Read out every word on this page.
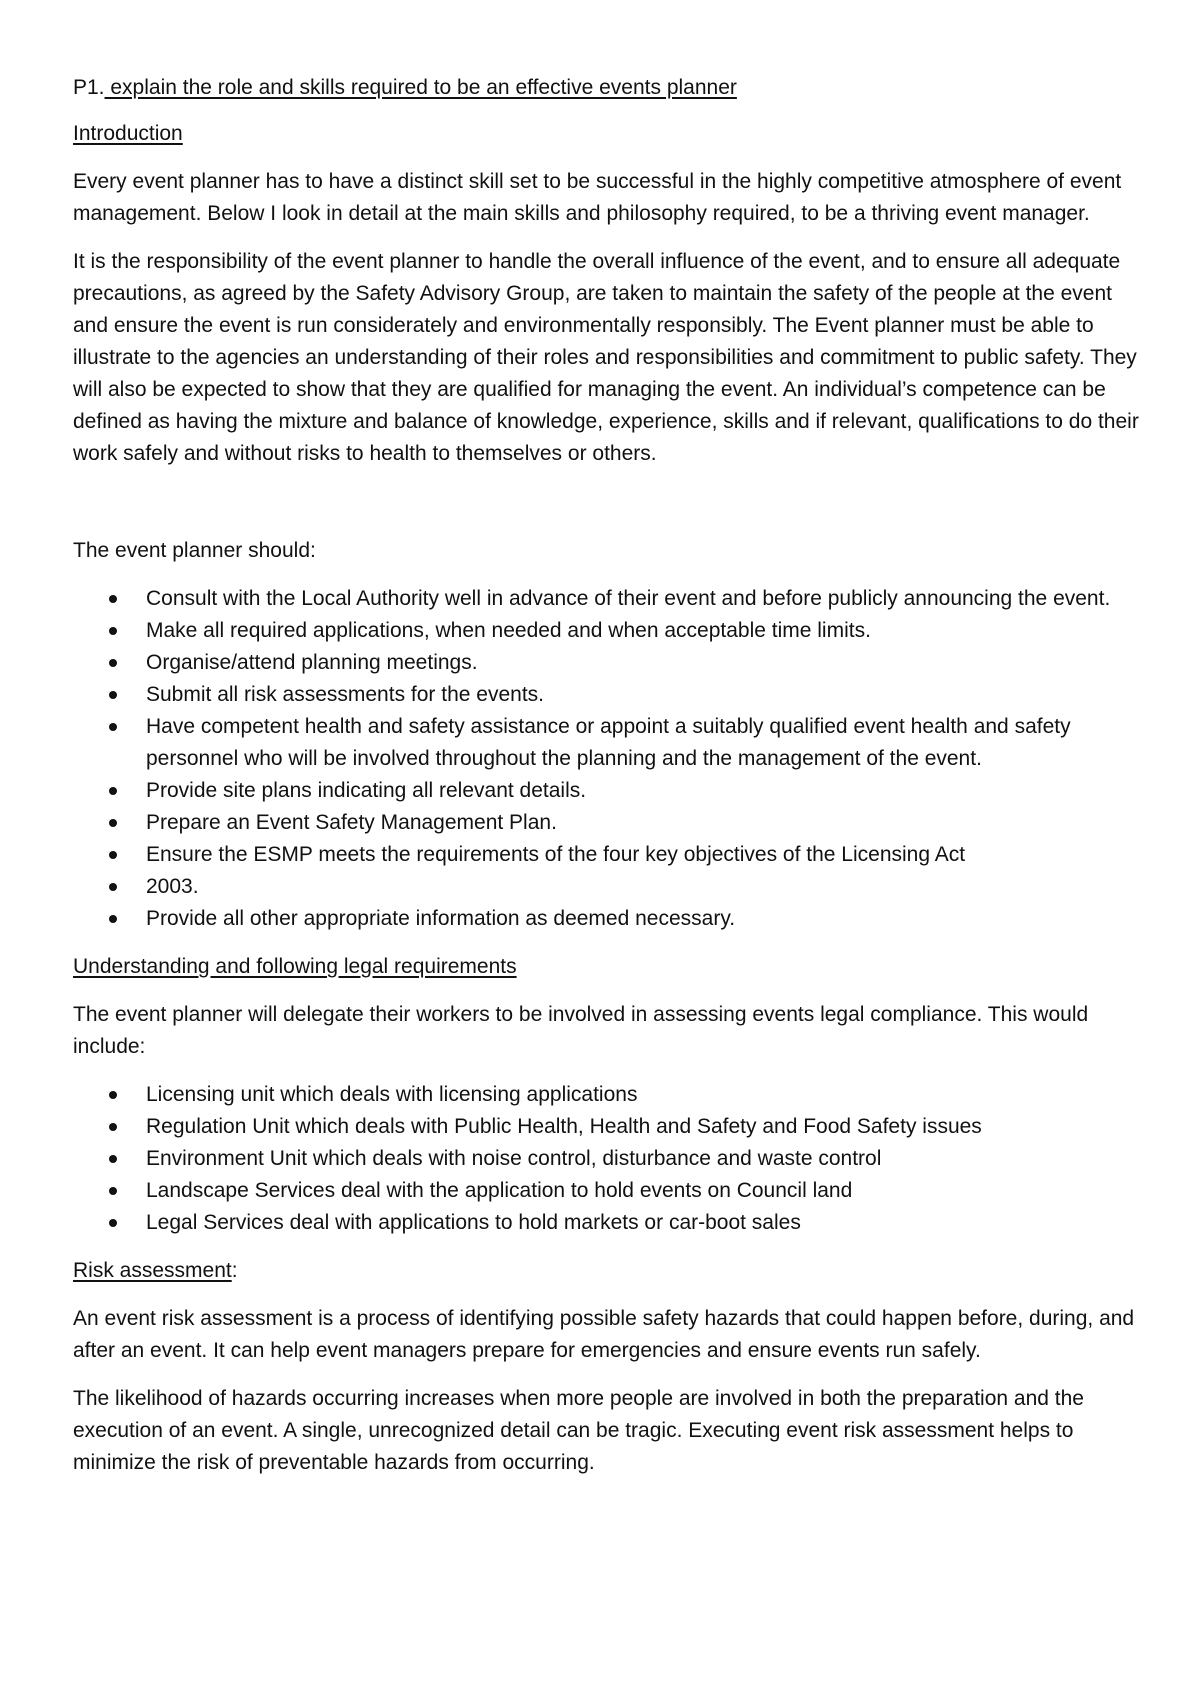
P1. explain the role and skills required to be an effective events planner

Introduction

Every event planner has to have a distinct skill set to be successful in the highly competitive atmosphere of event management. Below I look in detail at the main skills and philosophy required, to be a thriving event manager.

It is the responsibility of the event planner to handle the overall influence of the event, and to ensure all adequate precautions, as agreed by the Safety Advisory Group, are taken to maintain the safety of the people at the event and ensure the event is run considerately and environmentally responsibly. The Event planner must be able to illustrate to the agencies an understanding of their roles and responsibilities and commitment to public safety. They will also be expected to show that they are qualified for managing the event. An individual’s competence can be defined as having the mixture and balance of knowledge, experience, skills and if relevant, qualifications to do their work safely and without risks to health to themselves or others.

The event planner should:

Consult with the Local Authority well in advance of their event and before publicly announcing the event.
Make all required applications, when needed and when acceptable time limits.
Organise/attend planning meetings.
Submit all risk assessments for the events.
Have competent health and safety assistance or appoint a suitably qualified event health and safety personnel who will be involved throughout the planning and the management of the event.
Provide site plans indicating all relevant details.
Prepare an Event Safety Management Plan.
Ensure the ESMP meets the requirements of the four key objectives of the Licensing Act
2003.
Provide all other appropriate information as deemed necessary.

Understanding and following legal requirements

The event planner will delegate their workers to be involved in assessing events legal compliance. This would include:

Licensing unit which deals with licensing applications
Regulation Unit which deals with Public Health, Health and Safety and Food Safety issues
Environment Unit which deals with noise control, disturbance and waste control
Landscape Services deal with the application to hold events on Council land
Legal Services deal with applications to hold markets or car-boot sales

Risk assessment:

An event risk assessment is a process of identifying possible safety hazards that could happen before, during, and after an event. It can help event managers prepare for emergencies and ensure events run safely.

The likelihood of hazards occurring increases when more people are involved in both the preparation and the execution of an event. A single, unrecognized detail can be tragic. Executing event risk assessment helps to minimize the risk of preventable hazards from occurring.
